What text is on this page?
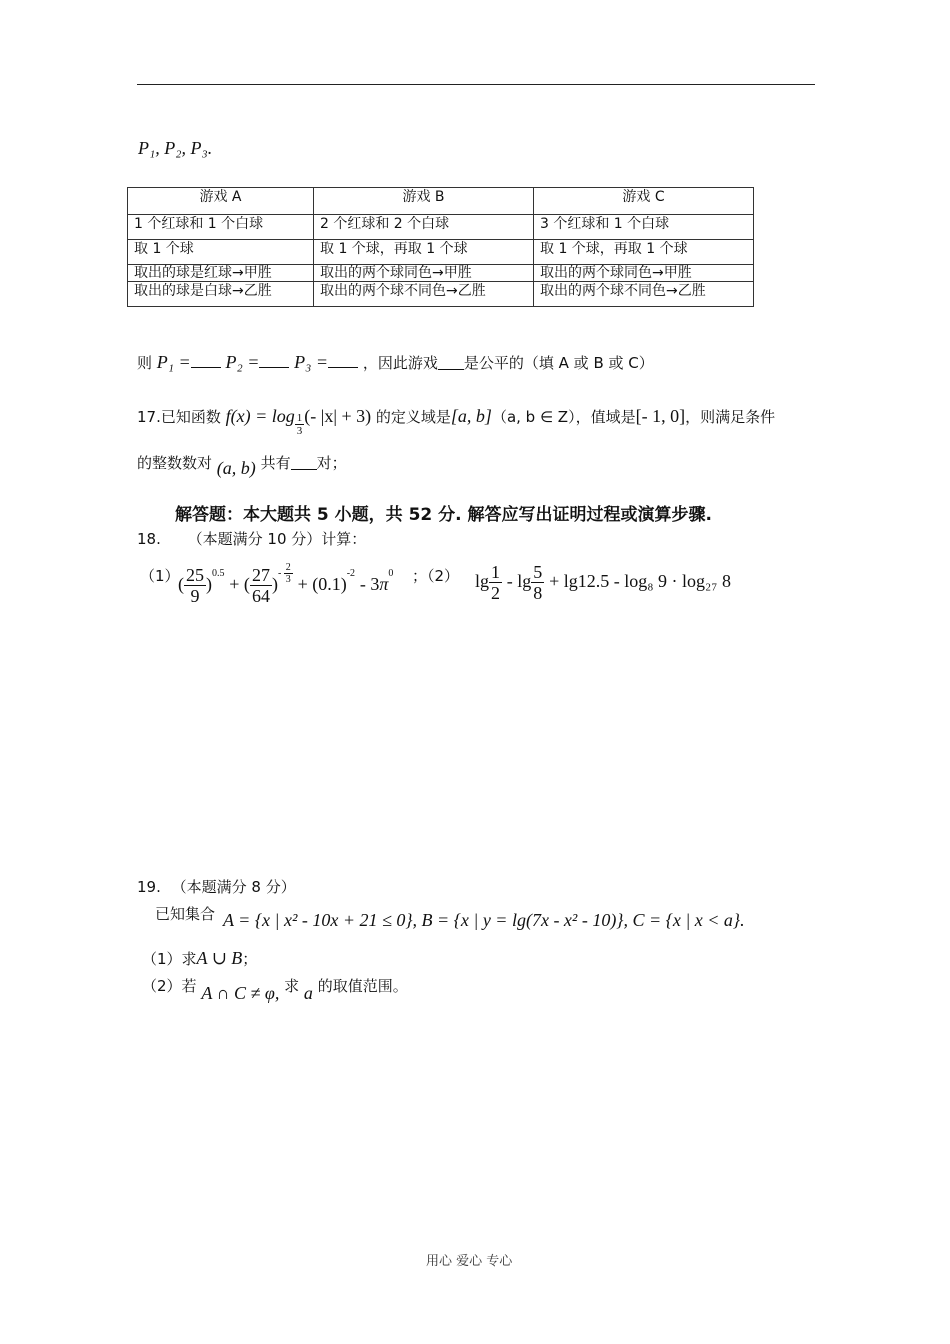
P₁, P₂, P₃.
游戏 A	游戏 B	游戏 C
1 个红球和 1 个白球	2 个红球和 2 个白球	3 个红球和 1 个白球
取 1 个球	取 1 个球，再取 1 个球	取 1 个球，再取 1 个球
取出的球是红球→甲胜	取出的两个球同色→甲胜	取出的两个球同色→甲胜
取出的球是白球→乙胜	取出的两个球不同色→乙胜	取出的两个球不同色→乙胜
则 P₁ = P₂ = P₃ = ，因此游戏 是公平的（填 A 或 B 或 C）
17.已知函数 $f(x) = \log \frac{1}{3}$ (- |x| + 3) 的定义域是[a, b]（a, b ∈ Z），值域是[- 1, 0]，则满足条件
的整数数对 (a, b) 共有 对；
解答题：本大题共 5 小题，共 52 分. 解答应写出证明过程或演算步骤.
18. （本题满分 10 分）计算：
（1）
( $\frac{25}{9} )^{0.5}$ + ( $\frac{27}{64}$ )- $\frac{2}{3} + (0.1)^{-2} - 3\pi^0$ ；（2） $\lg \frac{1}{2} - \lg \frac{5}{8} + \lg 12.5 - \log_8$ 9 · log₂₇ 8
19. （本题满分 8 分）
已知集合 A = {x | x² - 10x + 21 ≤ 0}, B = {x | y = lg(7x - x² - 10)}, C = {x | x < a}.
（1）求A ∪ B；
（2）若 A ∩ C ≠ φ, 求 a 的取值范围。
用心 爱心 专心
